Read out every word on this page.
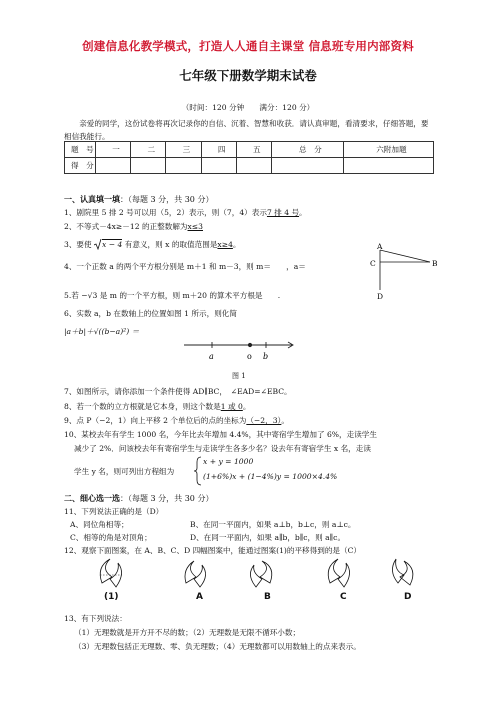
创建信息化教学模式，打造人人通自主课堂 信息班专用内部资料
七年级下册数学期末试卷
（时间：120 分钟　　满分：120 分）
亲爱的同学，这份试卷将再次记录你的自信、沉着、智慧和收获．请认真审题，看清要求，仔细答题，要相信我能行。
题　号	一	二	三	四	五	总　分	六附加题
得　分							
一、认真填一填：（每题 3 分，共 30 分）
1、剧院里 5 排 2 号可以用（5，2）表示，则（7，4）表示7 排 4 号。
2、不等式－4x≥－12 的正整数解为x≤3
3、要使 x − 4 有意义，则 x 的取值范围是x≥4。
4、一个正数 a 的两个平方根分别是 m＋1 和 m－3，则 m＝　　，a＝
5.若 −√3 是 m 的一个平方根，则 m＋20 的算术平方根是　　.
6、实数 a，b 在数轴上的位置如图 1 所示，则化简
|a＋b|＋√((b−a)²) ＝
A
C	B
D
a	o b
图 1
7、如图所示，请你添加一个条件使得 AD∥BC，　∠EAD=∠EBC。
8、若一个数的立方根就是它本身，则这个数是1 或 0。
9、点 P（−2，1）向上平移 2 个单位后的点的坐标为（−2，3）。
10、某校去年有学生 1000 名，今年比去年增加 4.4%，其中寄宿学生增加了 6%，走读学生
减少了 2%．问该校去年有寄宿学生与走读学生各多少名？设去年有寄宿学生 x 名，走读
学生 y 名，则可列出方程组为
x + y = 1000
(1+6%)x + (1−4%)y = 1000×4.4%
二、细心选一选：（每题 3 分，共 30 分）
11、下列说法正确的是（D）
A、同位角相等；	B、在同一平面内，如果 a⊥b，b⊥c，则 a⊥c。
C、相等的角是对顶角；	D、在同一平面内，如果 a∥b，b∥c，则 a∥c。
12、观察下面图案，在 A、B、C、D 四幅图案中，能通过图案(1)的平移得到的是（C）
(1)	A	B	C	D
13、有下列说法：
（1）无理数就是开方开不尽的数；（2）无理数是无限不循环小数；
（3）无理数包括正无理数、零、负无理数；（4）无理数都可以用数轴上的点来表示。
